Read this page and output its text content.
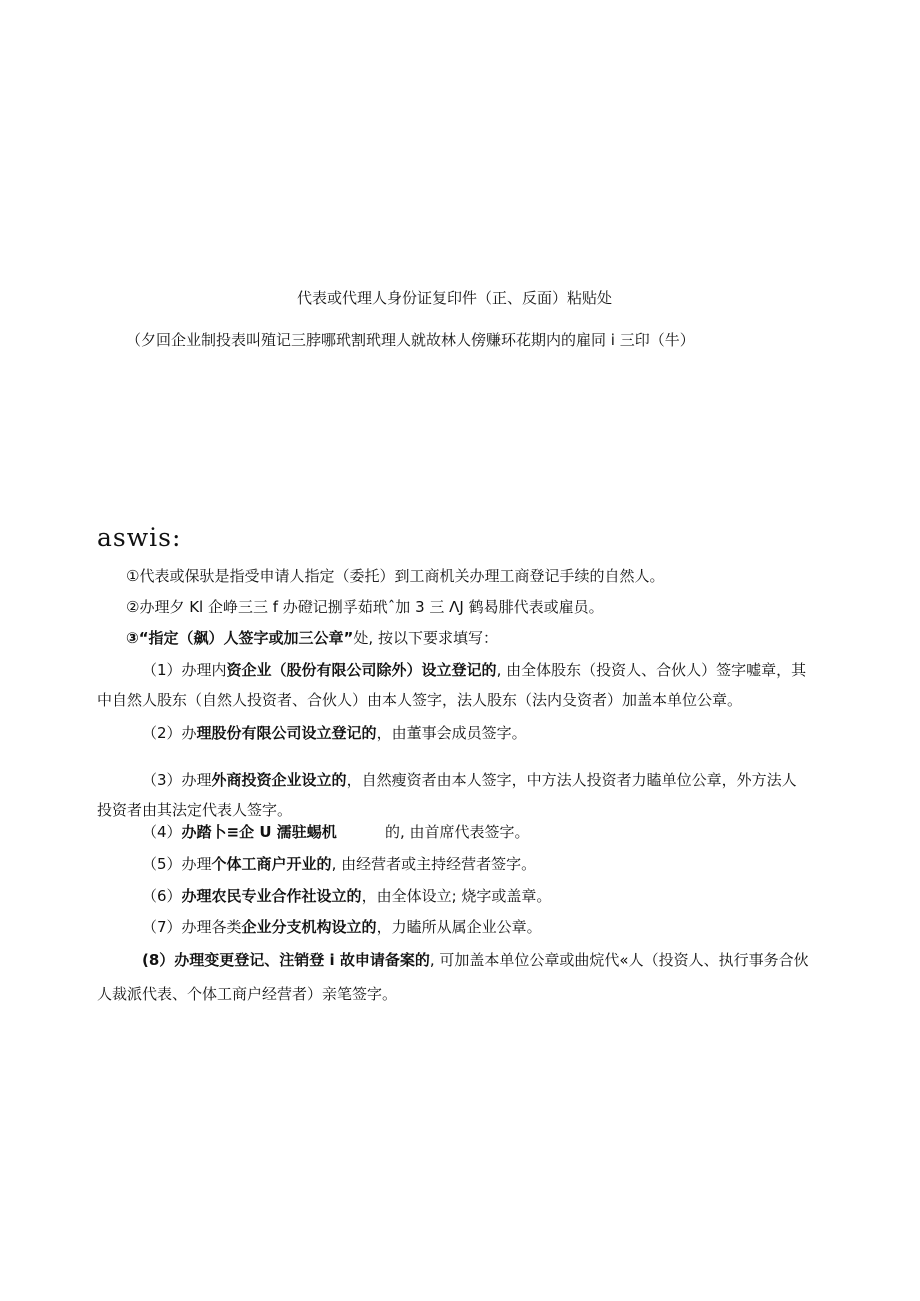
代表或代理人身份证复印件（正、反面）粘贴处
（夕回企业制投表叫殖记三脖哪玳割玳理人就故林人傍赚环花期内的雇同 i 三印（牛）
aswis:
①代表或保驮是指受申请人指定（委托）到工商机关办理工商登记手续的自然人。
②办理夕 Kl 企峥三三 f 办磴记捌孚茹玳ˆ加 3 三 ΛJ 鹤曷腓代表或雇员。
③“指定（飙）人签字或加三公章”处, 按以下要求填写：
（1）办理内资企业（股份有限公司除外）设立登记的, 由全体股东（投资人、合伙人）签字嘘章，其
中自然人股东（自然人投资者、合伙人）由本人签字，法人股东（法内殳资者）加盖本单位公章。
（2）办理股份有限公司设立登记的，由董事会成员签字。
（3）办理外商投资企业设立的，自然瘦资者由本人签字，中方法人投资者力瞌单位公章，外方法人
投资者由其法定代表人签字。
（4）办踏卜≡企 U 濡驻蜴机	的, 由首席代表签字。
（5）办理个体工商户开业的, 由经营者或主持经营者签字。
（6）办理农民专业合作社设立的，由全体设立; 烧字或盖章。
（7）办理各类企业分支机构设立的，力瞌所从属企业公章。
(8）办理变更登记、注销登 i 故申请备案的, 可加盖本单位公章或曲烷代«人（投资人、执行事务合伙
人裁派代表、个体工商户经营者）亲笔签字。
